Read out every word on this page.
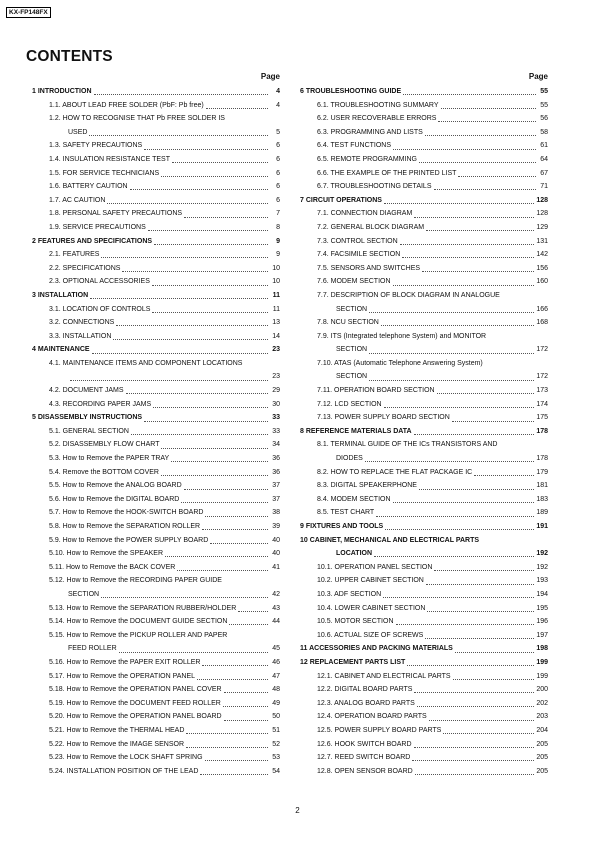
KX-FP148FX
CONTENTS
Page
1 INTRODUCTION	4
1.1. ABOUT LEAD FREE SOLDER (PbF: Pb free)	4
1.2. HOW TO RECOGNISE THAT Pb FREE SOLDER IS
USED	5
1.3. SAFETY PRECAUTIONS	6
1.4. INSULATION RESISTANCE TEST	6
1.5. FOR SERVICE TECHNICIANS	6
1.6. BATTERY CAUTION	6
1.7. AC CAUTION	6
1.8. PERSONAL SAFETY PRECAUTIONS	7
1.9. SERVICE PRECAUTIONS	8
2 FEATURES AND SPECIFICATIONS	9
2.1. FEATURES	9
2.2. SPECIFICATIONS	10
2.3. OPTIONAL ACCESSORIES	10
3 INSTALLATION	11
3.1. LOCATION OF CONTROLS	11
3.2. CONNECTIONS	13
3.3. INSTALLATION	14
4 MAINTENANCE	23
4.1. MAINTENANCE ITEMS AND COMPONENT LOCATIONS
23
4.2. DOCUMENT JAMS	29
4.3. RECORDING PAPER JAMS	30
5 DISASSEMBLY INSTRUCTIONS	33
5.1. GENERAL SECTION	33
5.2. DISASSEMBLY FLOW CHART	34
5.3. How to Remove the PAPER TRAY	36
5.4. Remove the BOTTOM COVER	36
5.5. How to Remove the ANALOG BOARD	37
5.6. How to Remove the DIGITAL BOARD	37
5.7. How to Remove the HOOK-SWITCH BOARD	38
5.8. How to Remove the SEPARATION ROLLER	39
5.9. How to Remove the POWER SUPPLY BOARD	40
5.10. How to Remove the SPEAKER	40
5.11. How to Remove the BACK COVER	41
5.12. How to Remove the RECORDING PAPER GUIDE
SECTION	42
5.13. How to Remove the SEPARATION RUBBER/HOLDER	43
5.14. How to Remove the DOCUMENT GUIDE SECTION	44
5.15. How to Remove the PICKUP ROLLER AND PAPER
FEED ROLLER	45
5.16. How to Remove the PAPER EXIT ROLLER	46
5.17. How to Remove the OPERATION PANEL	47
5.18. How to Remove the OPERATION PANEL COVER	48
5.19. How to Remove the DOCUMENT FEED ROLLER	49
5.20. How to Remove the OPERATION PANEL BOARD	50
5.21. How to Remove the THERMAL HEAD	51
5.22. How to Remove the IMAGE SENSOR	52
5.23. How to Remove the LOCK SHAFT SPRING	53
5.24. INSTALLATION POSITION OF THE LEAD	54
Page
6 TROUBLESHOOTING GUIDE	55
6.1. TROUBLESHOOTING SUMMARY	55
6.2. USER RECOVERABLE ERRORS	56
6.3. PROGRAMMING AND LISTS	58
6.4. TEST FUNCTIONS	61
6.5. REMOTE PROGRAMMING	64
6.6. THE EXAMPLE OF THE PRINTED LIST	67
6.7. TROUBLESHOOTING DETAILS	71
7 CIRCUIT OPERATIONS	128
7.1. CONNECTION DIAGRAM	128
7.2. GENERAL BLOCK DIAGRAM	129
7.3. CONTROL SECTION	131
7.4. FACSIMILE SECTION	142
7.5. SENSORS AND SWITCHES	156
7.6. MODEM SECTION	160
7.7. DESCRIPTION OF BLOCK DIAGRAM IN ANALOGUE
SECTION	166
7.8. NCU SECTION	168
7.9. ITS (Integrated telephone System) and MONITOR
SECTION	172
7.10. ATAS (Automatic Telephone Answering System)
SECTION	172
7.11. OPERATION BOARD SECTION	173
7.12. LCD SECTION	174
7.13. POWER SUPPLY BOARD SECTION	175
8 REFERENCE MATERIALS DATA	178
8.1. TERMINAL GUIDE OF THE ICs TRANSISTORS AND
DIODES	178
8.2. HOW TO REPLACE THE FLAT PACKAGE IC	179
8.3. DIGITAL SPEAKERPHONE	181
8.4. MODEM SECTION	183
8.5. TEST CHART	189
9 FIXTURES AND TOOLS	191
10 CABINET, MECHANICAL AND ELECTRICAL PARTS
LOCATION	192
10.1. OPERATION PANEL SECTION	192
10.2. UPPER CABINET SECTION	193
10.3. ADF SECTION	194
10.4. LOWER CABINET SECTION	195
10.5. MOTOR SECTION	196
10.6. ACTUAL SIZE OF SCREWS	197
11 ACCESSORIES AND PACKING MATERIALS	198
12 REPLACEMENT PARTS LIST	199
12.1. CABINET AND ELECTRICAL PARTS	199
12.2. DIGITAL BOARD PARTS	200
12.3. ANALOG BOARD PARTS	202
12.4. OPERATION BOARD PARTS	203
12.5. POWER SUPPLY BOARD PARTS	204
12.6. HOOK SWITCH BOARD	205
12.7. REED SWITCH BOARD	205
12.8. OPEN SENSOR BOARD	205
2
